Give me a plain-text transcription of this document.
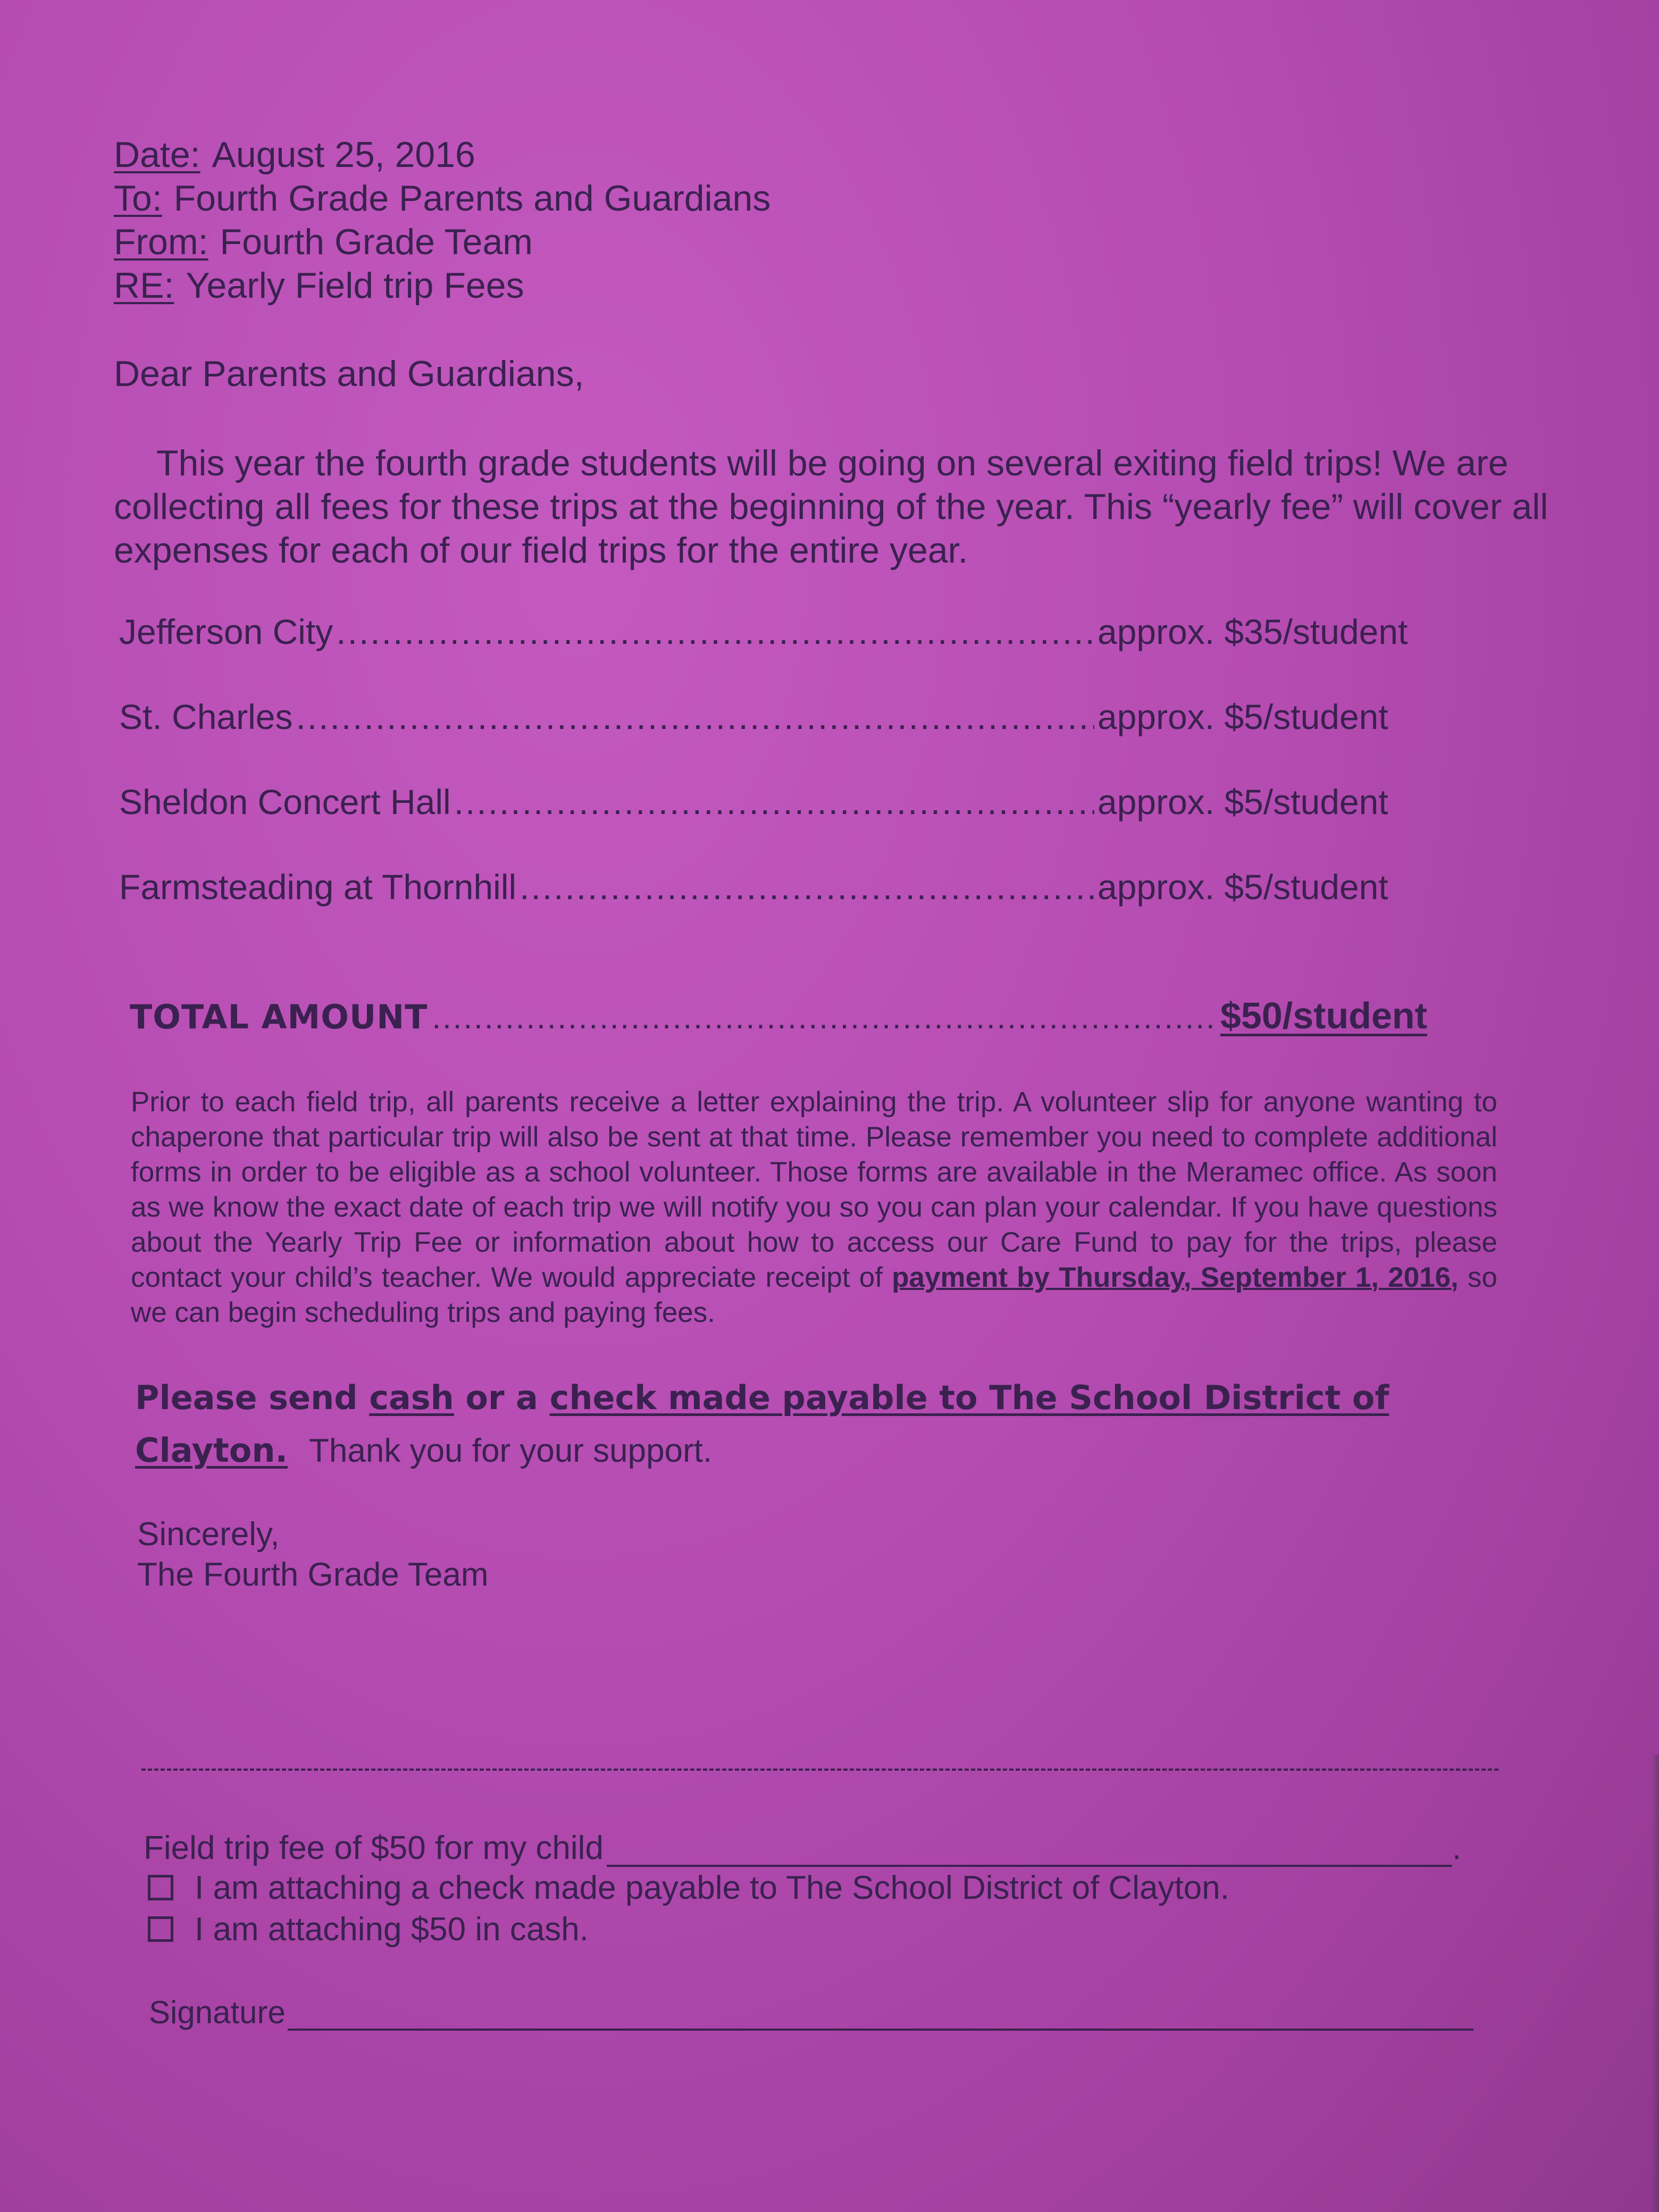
Date: August 25, 2016
To: Fourth Grade Parents and Guardians
From: Fourth Grade Team
RE: Yearly Field trip Fees
Dear Parents and Guardians,
This year the fourth grade students will be going on several exiting field trips! We are collecting all fees for these trips at the beginning of the year. This “yearly fee” will cover all expenses for each of our field trips for the entire year.
Jefferson City .....	approx. $35/student
St. Charles .....	approx. $5/student
Sheldon Concert Hall .....	approx. $5/student
Farmsteading at Thornhill .....	approx. $5/student
TOTAL AMOUNT .....	$50/student
Prior to each field trip, all parents receive a letter explaining the trip. A volunteer slip for anyone wanting to chaperone that particular trip will also be sent at that time. Please remember you need to complete additional forms in order to be eligible as a school volunteer. Those forms are available in the Meramec office. As soon as we know the exact date of each trip we will notify you so you can plan your calendar. If you have questions about the Yearly Trip Fee or information about how to access our Care Fund to pay for the trips, please contact your child’s teacher. We would appreciate receipt of payment by Thursday, September 1, 2016, so we can begin scheduling trips and paying fees.
Please send cash or a check made payable to The School District of Clayton. Thank you for your support.
Sincerely,
The Fourth Grade Team
Field trip fee of $50 for my child	.
I am attaching a check made payable to The School District of Clayton.
I am attaching $50 in cash.
Signature
